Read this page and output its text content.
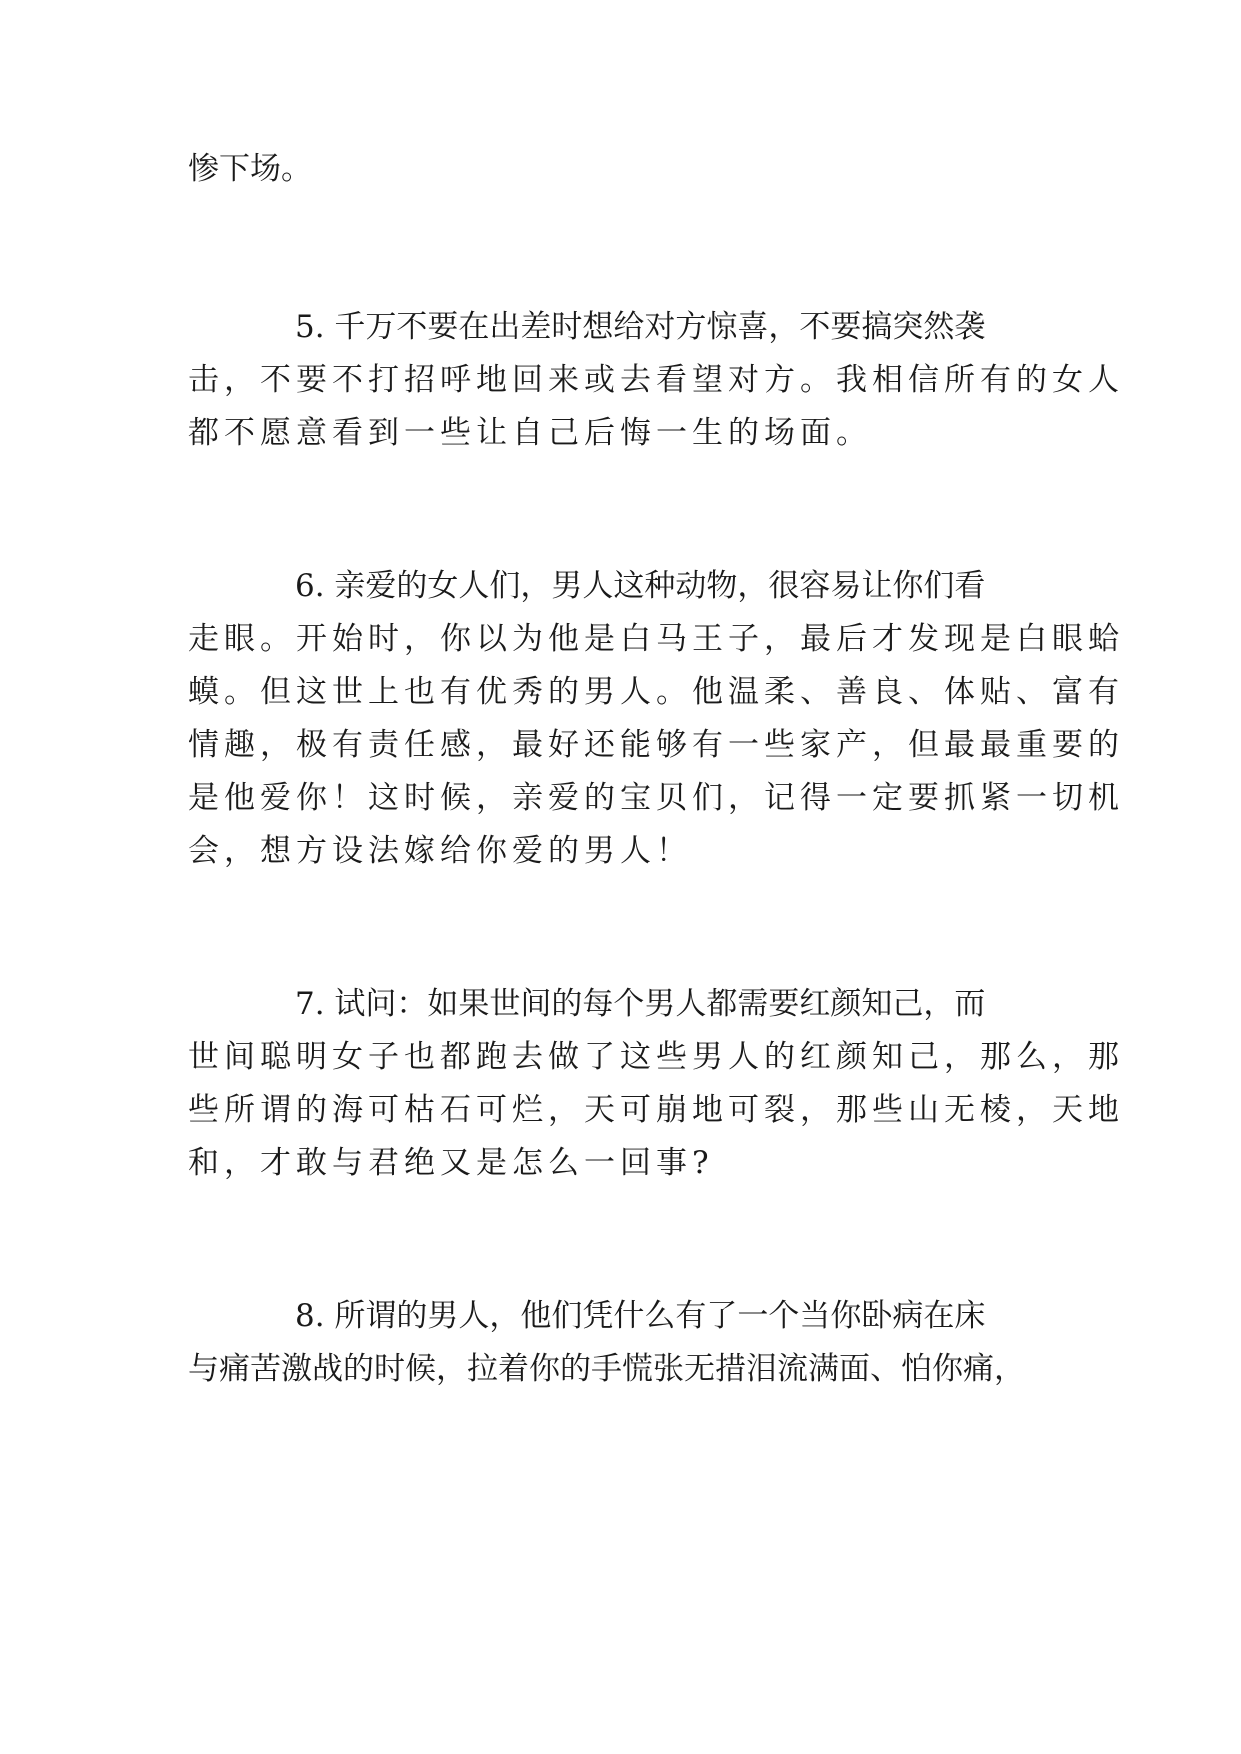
惨下场。

5. 千万不要在出差时想给对方惊喜，不要搞突然袭

击，不要不打招呼地回来或去看望对方。我相信所有的女人

都不愿意看到一些让自己后悔一生的场面。

6. 亲爱的女人们，男人这种动物，很容易让你们看

走眼。开始时，你以为他是白马王子，最后才发现是白眼蛤

蟆。但这世上也有优秀的男人。他温柔、善良、体贴、富有

情趣，极有责任感，最好还能够有一些家产，但最最重要的

是他爱你！这时候，亲爱的宝贝们，记得一定要抓紧一切机

会，想方设法嫁给你爱的男人！

7. 试问：如果世间的每个男人都需要红颜知己，而

世间聪明女子也都跑去做了这些男人的红颜知己，那么，那

些所谓的海可枯石可烂，天可崩地可裂，那些山无棱，天地

和，才敢与君绝又是怎么一回事?

8. 所谓的男人，他们凭什么有了一个当你卧病在床

与痛苦激战的时候，拉着你的手慌张无措泪流满面、怕你痛，
